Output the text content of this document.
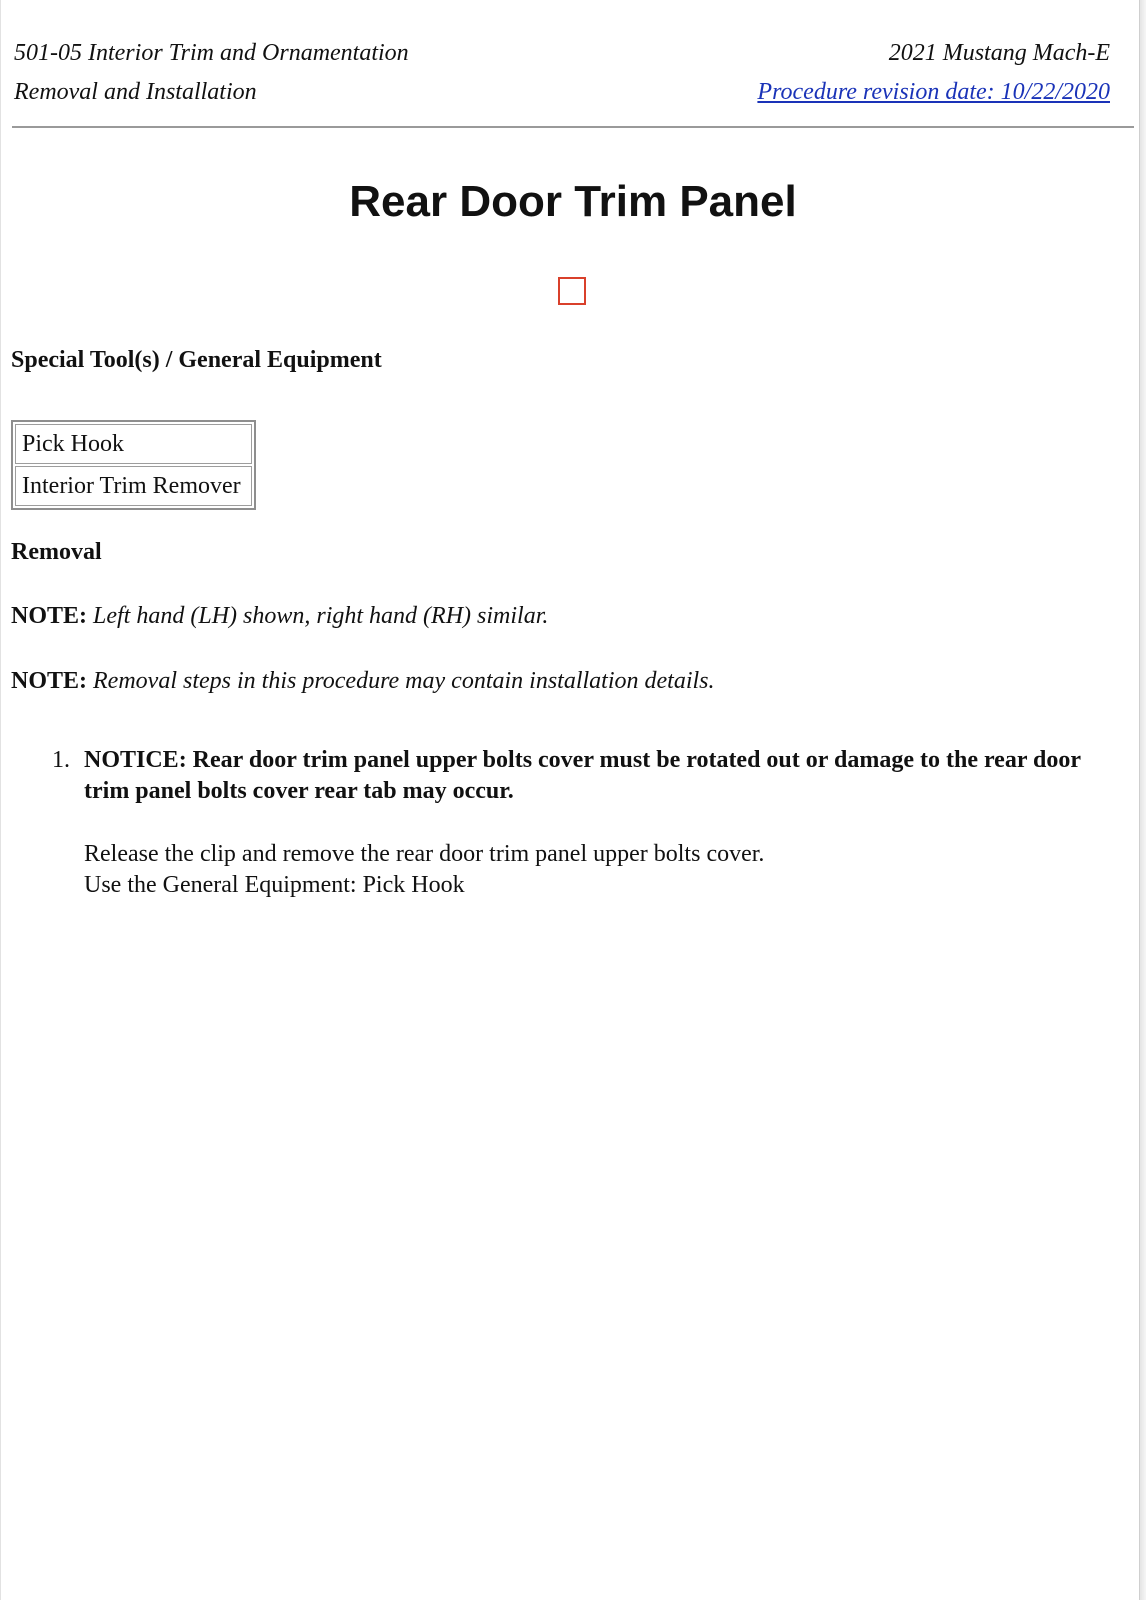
501-05 Interior Trim and Ornamentation
Removal and Installation
2021 Mustang Mach-E
Procedure revision date: 10/22/2020
Rear Door Trim Panel
Special Tool(s) / General Equipment
Pick Hook
Interior Trim Remover
Removal

NOTE: Left hand (LH) shown, right hand (RH) similar.

NOTE: Removal steps in this procedure may contain installation details.

1. NOTICE: Rear door trim panel upper bolts cover must be rotated out or damage to the rear door trim panel bolts cover rear tab may occur.
Release the clip and remove the rear door trim panel upper bolts cover.
Use the General Equipment: Pick Hook
